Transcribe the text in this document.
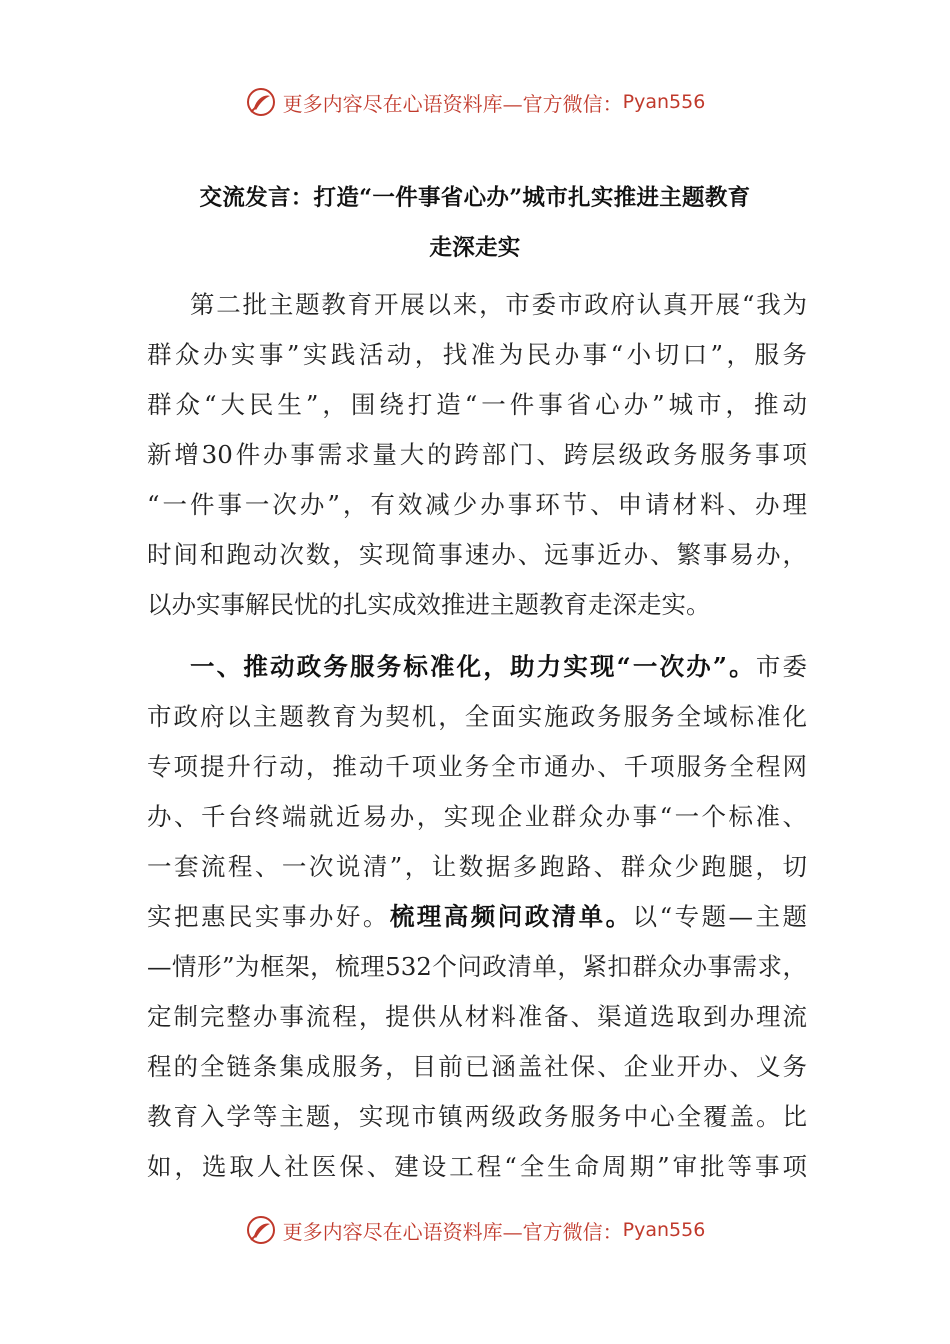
更多内容尽在心语资料库—官方微信： Pyan556
交流发言：打造“一件事省心办”城市扎实推进主题教育
走深走实
第二批主题教育开展以来，市委市政府认真开展“我为
群众办实事”实践活动，找准为民办事“小切口”，服务
群众“大民生”，围绕打造“一件事省心办”城市，推动
新增30件办事需求量大的跨部门、跨层级政务服务事项
“一件事一次办”，有效减少办事环节、申请材料、办理
时间和跑动次数，实现简事速办、远事近办、繁事易办，
以办实事解民忧的扎实成效推进主题教育走深走实。
一、推动政务服务标准化，助力实现“一次办”。市委
市政府以主题教育为契机，全面实施政务服务全域标准化
专项提升行动，推动千项业务全市通办、千项服务全程网
办、千台终端就近易办，实现企业群众办事“一个标准、
一套流程、一次说清”，让数据多跑路、群众少跑腿，切
实把惠民实事办好。梳理高频问政清单。以“专题—主题
—情形”为框架，梳理532个问政清单，紧扣群众办事需求，
定制完整办事流程，提供从材料准备、渠道选取到办理流
程的全链条集成服务，目前已涵盖社保、企业开办、义务
教育入学等主题，实现市镇两级政务服务中心全覆盖。比
如，选取人社医保、建设工程“全生命周期”审批等事项
更多内容尽在心语资料库—官方微信： Pyan556
